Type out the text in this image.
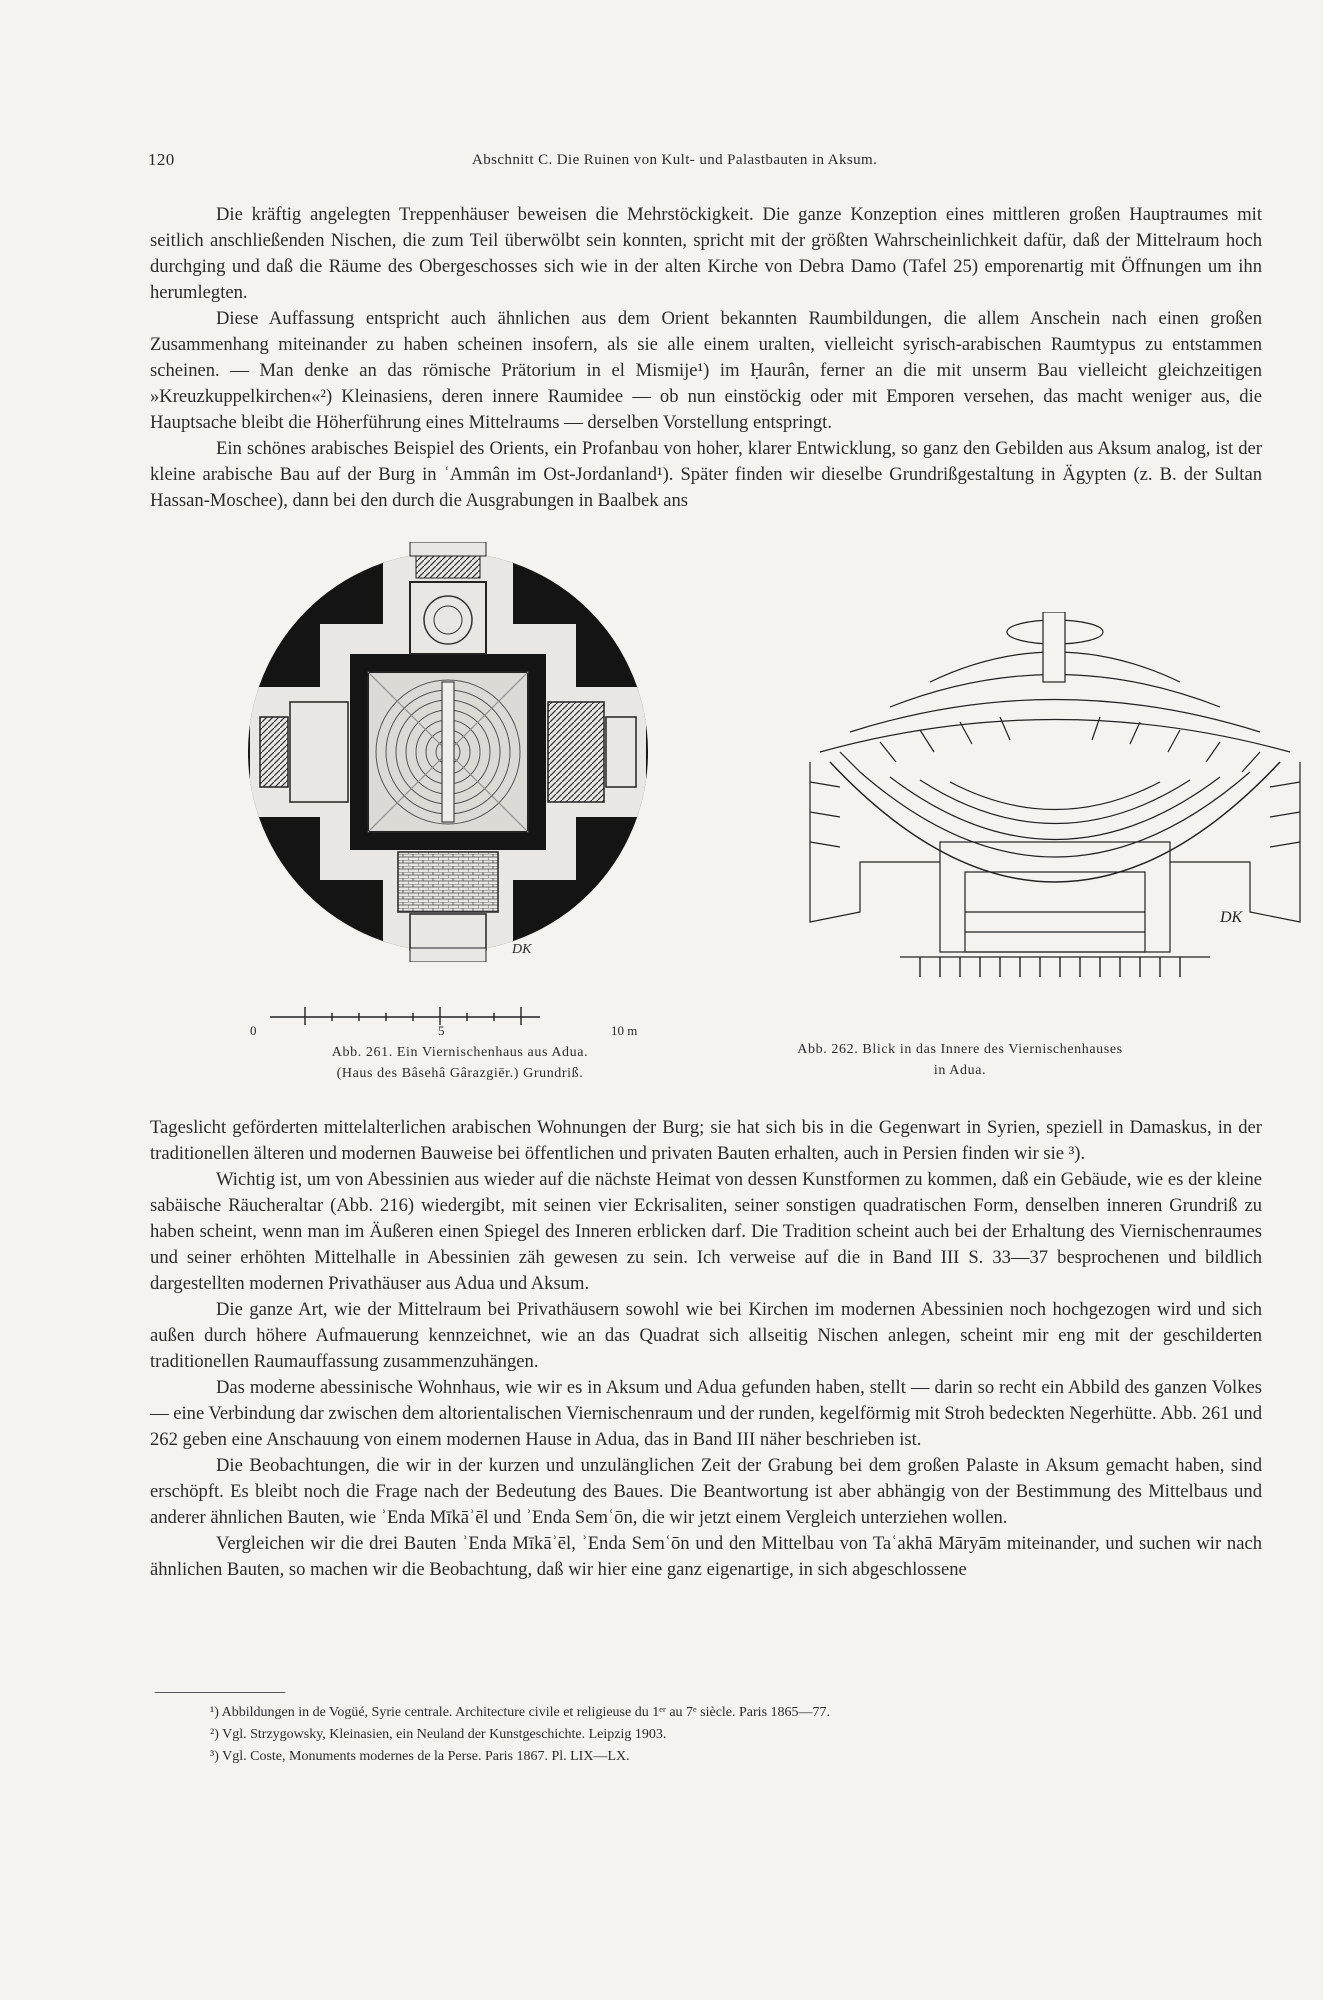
120	Abschnitt C. Die Ruinen von Kult- und Palastbauten in Aksum.

Die kräftig angelegten Treppenhäuser beweisen die Mehrstöckigkeit. Die ganze Konzeption eines mittleren großen Hauptraumes mit seitlich anschließenden Nischen, die zum Teil überwölbt sein konnten, spricht mit der größten Wahrscheinlichkeit dafür, daß der Mittelraum hoch durchging und daß die Räume des Obergeschosses sich wie in der alten Kirche von Debra Damo (Tafel 25) emporenartig mit Öffnungen um ihn herumlegten.

Diese Auffassung entspricht auch ähnlichen aus dem Orient bekannten Raumbildungen, die allem Anschein nach einen großen Zusammenhang miteinander zu haben scheinen insofern, als sie alle einem uralten, vielleicht syrisch-arabischen Raumtypus zu entstammen scheinen. — Man denke an das römische Prätorium in el Mismije¹) im Ḥaurân, ferner an die mit unserm Bau vielleicht gleichzeitigen »Kreuzkuppelkirchen«²) Kleinasiens, deren innere Raumidee — ob nun einstöckig oder mit Emporen versehen, das macht weniger aus, die Hauptsache bleibt die Höherführung eines Mittelraums — derselben Vorstellung entspringt.

Ein schönes arabisches Beispiel des Orients, ein Profanbau von hoher, klarer Entwicklung, so ganz den Gebilden aus Aksum analog, ist der kleine arabische Bau auf der Burg in ʿAmmân im Ost-Jordanland¹). Später finden wir dieselbe Grundrißgestaltung in Ägypten (z. B. der Sultan Hassan-Moschee), dann bei den durch die Ausgrabungen in Baalbek ans

DK
DK
0	5	10 m
Abb. 261. Ein Viernischenhaus aus Adua.
(Haus des Bâsehâ Gârazgiēr.) Grundriß.
Abb. 262. Blick in das Innere des Viernischenhauses
in Adua.

Tageslicht geförderten mittelalterlichen arabischen Wohnungen der Burg; sie hat sich bis in die Gegenwart in Syrien, speziell in Damaskus, in der traditionellen älteren und modernen Bauweise bei öffentlichen und privaten Bauten erhalten, auch in Persien finden wir sie ³).

Wichtig ist, um von Abessinien aus wieder auf die nächste Heimat von dessen Kunstformen zu kommen, daß ein Gebäude, wie es der kleine sabäische Räucheraltar (Abb. 216) wiedergibt, mit seinen vier Eckrisaliten, seiner sonstigen quadratischen Form, denselben inneren Grundriß zu haben scheint, wenn man im Äußeren einen Spiegel des Inneren erblicken darf. Die Tradition scheint auch bei der Erhaltung des Viernischenraumes und seiner erhöhten Mittelhalle in Abessinien zäh gewesen zu sein. Ich verweise auf die in Band III S. 33—37 besprochenen und bildlich dargestellten modernen Privathäuser aus Adua und Aksum.

Die ganze Art, wie der Mittelraum bei Privathäusern sowohl wie bei Kirchen im modernen Abessinien noch hochgezogen wird und sich außen durch höhere Aufmauerung kennzeichnet, wie an das Quadrat sich allseitig Nischen anlegen, scheint mir eng mit der geschilderten traditionellen Raumauffassung zusammenzuhängen.

Das moderne abessinische Wohnhaus, wie wir es in Aksum und Adua gefunden haben, stellt — darin so recht ein Abbild des ganzen Volkes — eine Verbindung dar zwischen dem altorientalischen Viernischenraum und der runden, kegelförmig mit Stroh bedeckten Negerhütte. Abb. 261 und 262 geben eine Anschauung von einem modernen Hause in Adua, das in Band III näher beschrieben ist.

Die Beobachtungen, die wir in der kurzen und unzulänglichen Zeit der Grabung bei dem großen Palaste in Aksum gemacht haben, sind erschöpft. Es bleibt noch die Frage nach der Bedeutung des Baues. Die Beantwortung ist aber abhängig von der Bestimmung des Mittelbaus und anderer ähnlichen Bauten, wie ʾEnda Mīkāʾēl und ʾEnda Semʿōn, die wir jetzt einem Vergleich unterziehen wollen.

Vergleichen wir die drei Bauten ʾEnda Mīkāʾēl, ʾEnda Semʿōn und den Mittelbau von Taʿakhā Māryām miteinander, und suchen wir nach ähnlichen Bauten, so machen wir die Beobachtung, daß wir hier eine ganz eigenartige, in sich abgeschlossene

¹) Abbildungen in de Vogüé, Syrie centrale. Architecture civile et religieuse du 1ᵉʳ au 7ᵉ siècle. Paris 1865—77.
²) Vgl. Strzygowsky, Kleinasien, ein Neuland der Kunstgeschichte. Leipzig 1903.
³) Vgl. Coste, Monuments modernes de la Perse. Paris 1867. Pl. LIX—LX.
